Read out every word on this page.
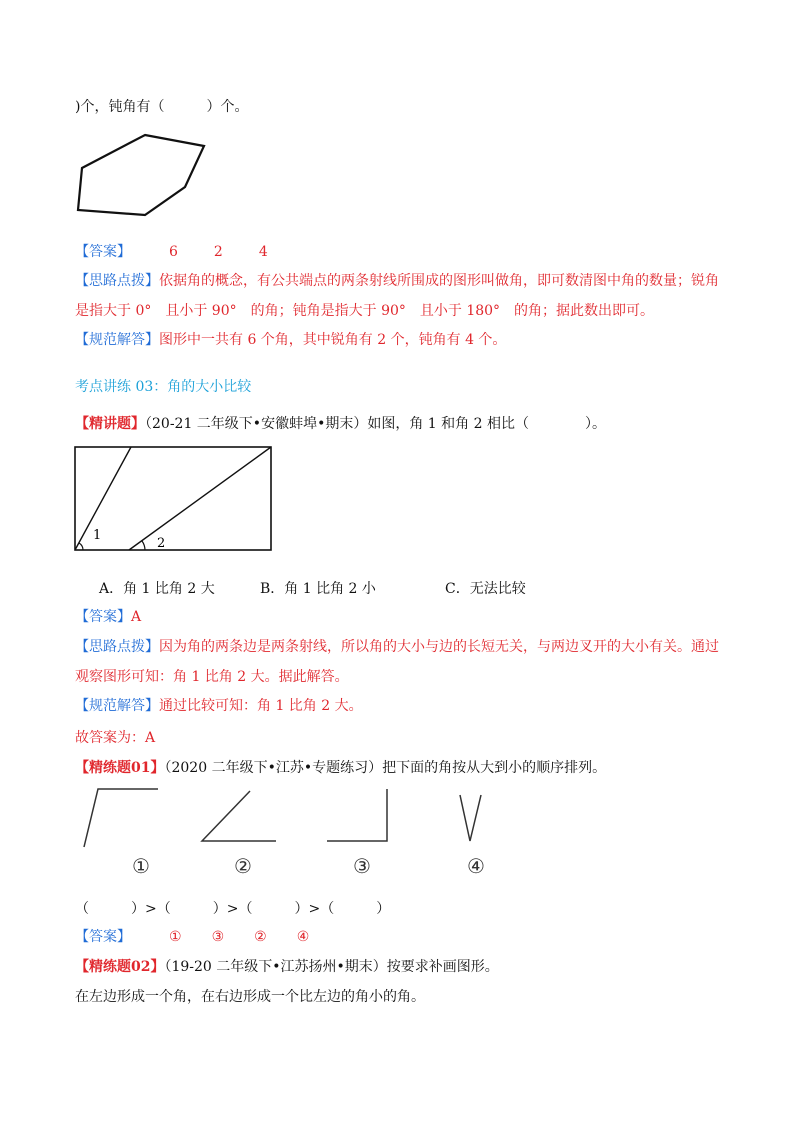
)个，钝角有（　　　）个。
【答案】	6	2	4
【思路点拨】依据角的概念，有公共端点的两条射线所围成的图形叫做角，即可数清图中角的数量；锐角
是指大于 0°　且小于 90°　的角；钝角是指大于 90°　且小于 180°　的角；据此数出即可。
【规范解答】图形中一共有 6 个角，其中锐角有 2 个，钝角有 4 个。
考点讲练 03：角的大小比较
【精讲题】（20-21 二年级下•安徽蚌埠•期末）如图，角 1 和角 2 相比（　　　　）。
1
2
A．角 1 比角 2 大	B．角 1 比角 2 小	C．无法比较
【答案】A
【思路点拨】因为角的两条边是两条射线，所以角的大小与边的长短无关，与两边叉开的大小有关。通过
观察图形可知：角 1 比角 2 大。据此解答。
【规范解答】通过比较可知：角 1 比角 2 大。
故答案为：A
【精练题01】（2020 二年级下•江苏•专题练习）把下面的角按从大到小的顺序排列。
①	②	③	④
（　　　）>（　　　）>（　　　）>（　　　）
【答案】	① ③ ② ④
【精练题02】（19-20 二年级下•江苏扬州•期末）按要求补画图形。
在左边形成一个角，在右边形成一个比左边的角小的角。
